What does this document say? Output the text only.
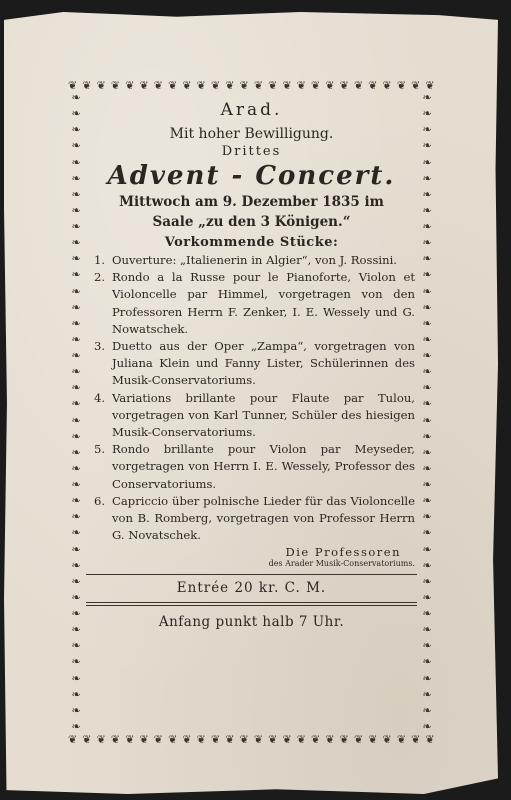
❦ ❦ ❦ ❦ ❦ ❦ ❦ ❦ ❦ ❦ ❦ ❦ ❦ ❦ ❦ ❦ ❦ ❦ ❦ ❦ ❦ ❦ ❦ ❦ ❦ ❦
❦ ❦ ❦ ❦ ❦ ❦ ❦ ❦ ❦ ❦ ❦ ❦ ❦ ❦ ❦ ❦ ❦ ❦ ❦ ❦ ❦ ❦ ❦ ❦ ❦ ❦
❧
❧
❧
❧
❧
❧
❧
❧
❧
❧
❧
❧
❧
❧
❧
❧
❧
❧
❧
❧
❧
❧
❧
❧
❧
❧
❧
❧
❧
❧
❧
❧
❧
❧
❧
❧
❧
❧
❧
❧
❧
❧
❧
❧
❧
❧
❧
❧
❧
❧
❧
❧
❧
❧
❧
❧
❧
❧
❧
❧
❧
❧
❧
❧
❧
❧
❧
❧
❧
❧
❧
❧
❧
❧
❧
❧
❧
❧
❧
❧
Arad.
Mit hoher Bewilligung.
Drittes
Advent - Concert.
Mittwoch am 9. Dezember 1835 im
Saale „zu den 3 Königen.“
Vorkommende Stücke:
1. Ouverture: „Italienerin in Algier“, von J. Rossini.
2. Rondo a la Russe pour le Pianoforte, Violon et Violoncelle par Himmel, vorgetragen von den Professoren Herrn F. Zenker, I. E. Wessely und G. Nowatschek.
3. Duetto aus der Oper „Zampa“, vorgetragen von Juliana Klein und Fanny Lister, Schülerinnen des Musik-Conservatoriums.
4. Variations brillante pour Flaute par Tulou, vorgetragen von Karl Tunner, Schüler des hiesigen Musik-Conservatoriums.
5. Rondo brillante pour Violon par Meyseder, vorgetragen von Herrn I. E. Wessely, Professor des Conservatoriums.
6. Capriccio über polnische Lieder für das Violoncelle von B. Romberg, vorgetragen von Professor Herrn G. Novatschek.
Die Professoren
des Arader Musik-Conservatoriums.
Entrée 20 kr. C. M.
Anfang punkt halb 7 Uhr.
